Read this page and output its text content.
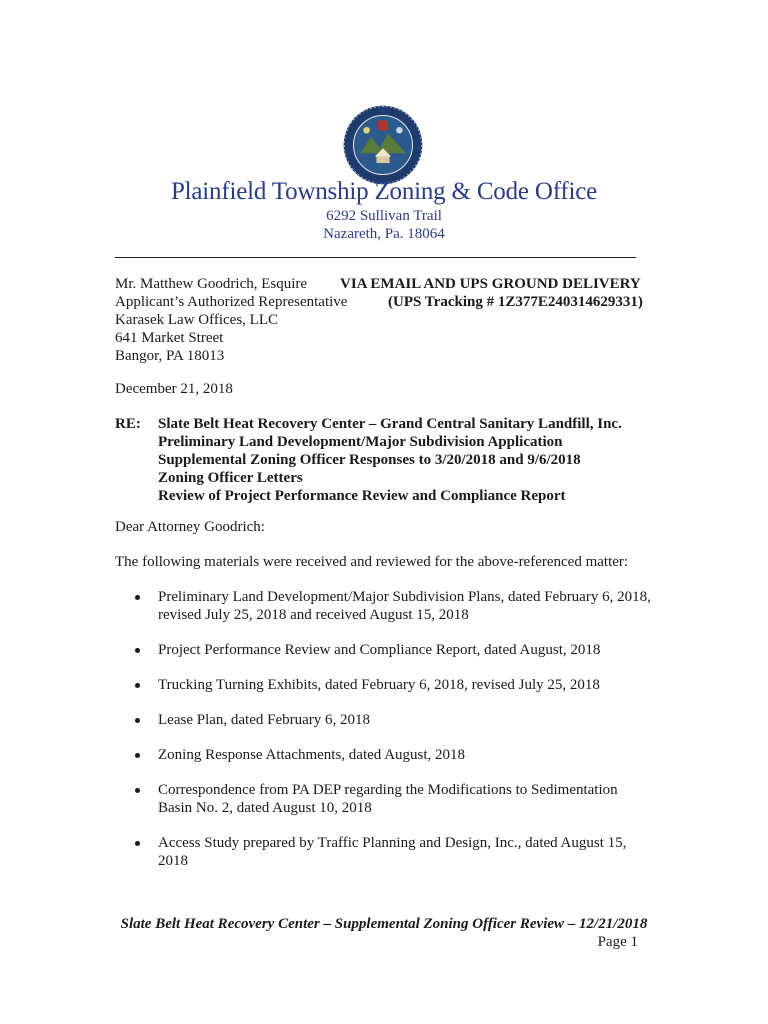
Plainfield Township Zoning & Code Office
6292 Sullivan Trail
Nazareth, Pa. 18064
Mr. Matthew Goodrich, Esquire
Applicant’s Authorized Representative
Karasek Law Offices, LLC
641 Market Street
Bangor, PA 18013
VIA EMAIL AND UPS GROUND DELIVERY
(UPS Tracking # 1Z377E240314629331)
December 21, 2018
RE: Slate Belt Heat Recovery Center – Grand Central Sanitary Landfill, Inc.
Preliminary Land Development/Major Subdivision Application
Supplemental Zoning Officer Responses to 3/20/2018 and 9/6/2018
Zoning Officer Letters
Review of Project Performance Review and Compliance Report
Dear Attorney Goodrich:
The following materials were received and reviewed for the above-referenced matter:
Preliminary Land Development/Major Subdivision Plans, dated February 6, 2018,
revised July 25, 2018 and received August 15, 2018
Project Performance Review and Compliance Report, dated August, 2018
Trucking Turning Exhibits, dated February 6, 2018, revised July 25, 2018
Lease Plan, dated February 6, 2018
Zoning Response Attachments, dated August, 2018
Correspondence from PA DEP regarding the Modifications to Sedimentation
Basin No. 2, dated August 10, 2018
Access Study prepared by Traffic Planning and Design, Inc., dated August 15,
2018
Slate Belt Heat Recovery Center – Supplemental Zoning Officer Review – 12/21/2018
Page 1
